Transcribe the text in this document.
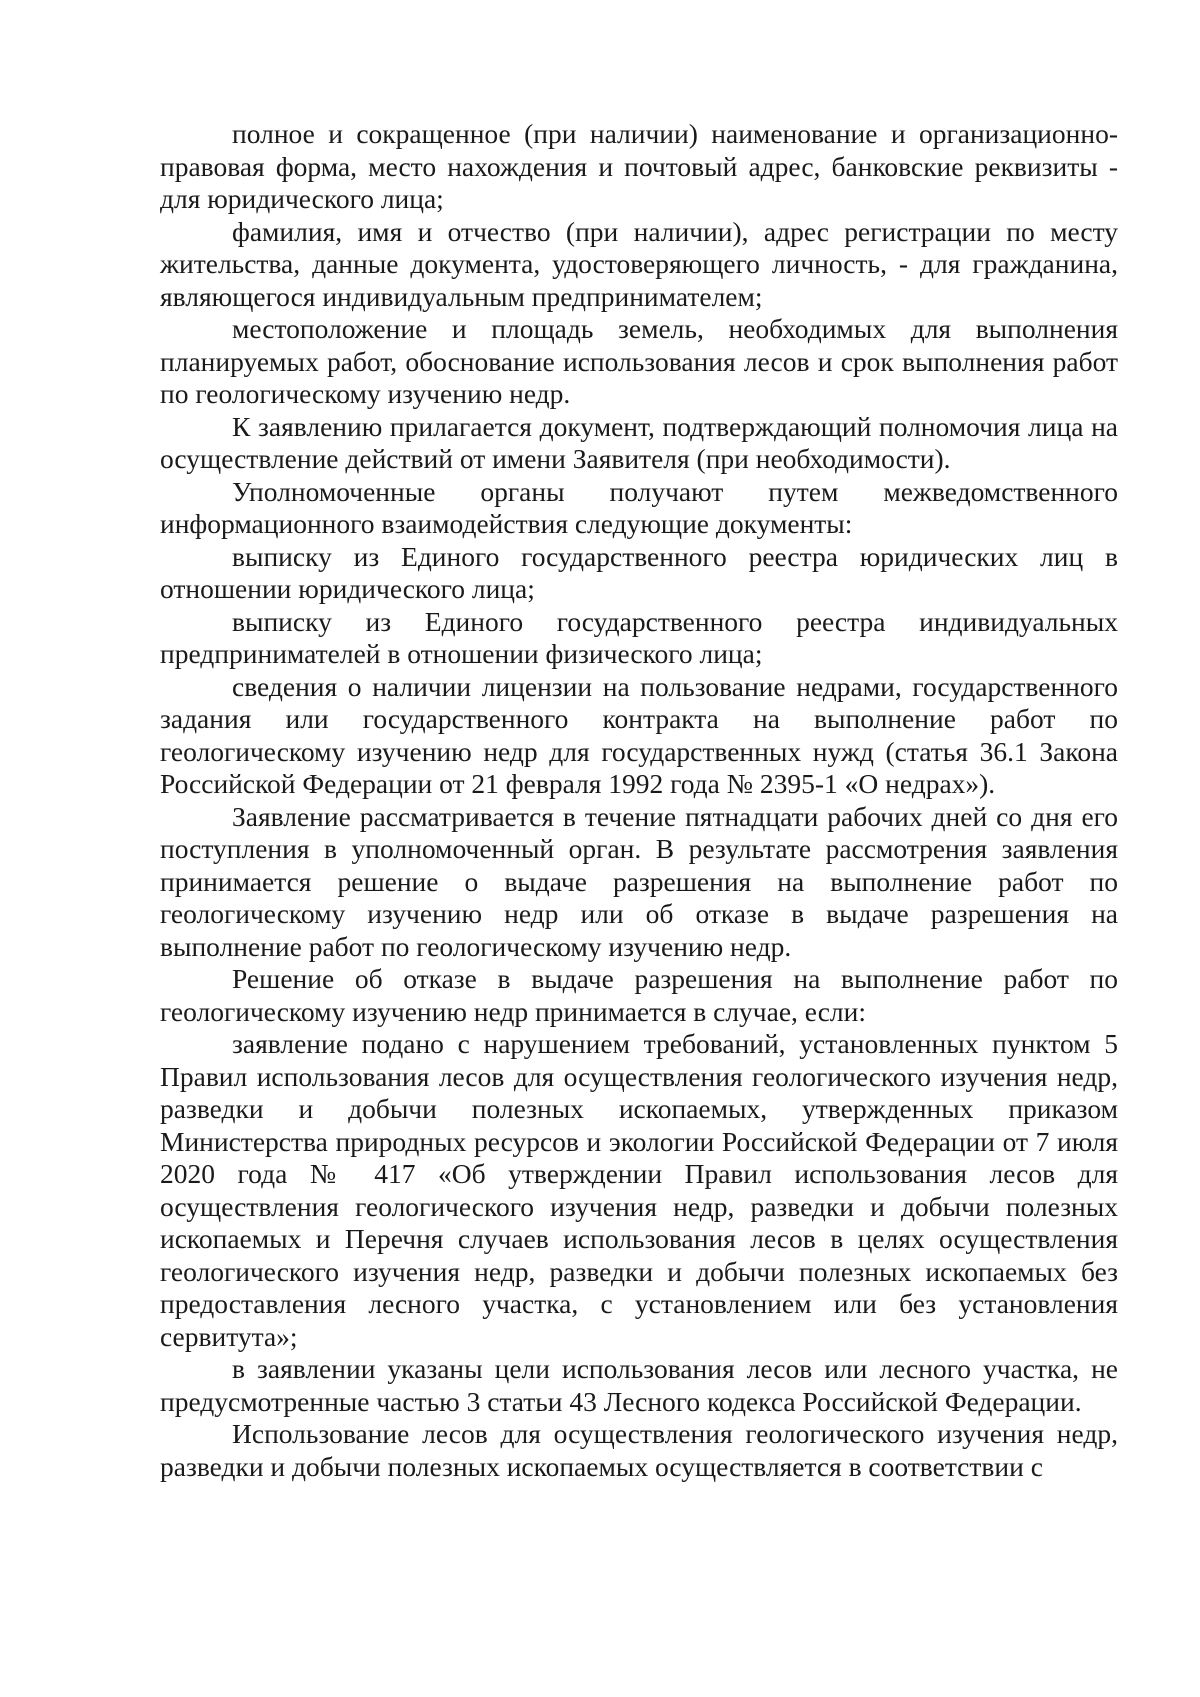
полное и сокращенное (при наличии) наименование и организационно-правовая форма, место нахождения и почтовый адрес, банковские реквизиты - для юридического лица;

фамилия, имя и отчество (при наличии), адрес регистрации по месту жительства, данные документа, удостоверяющего личность, - для гражданина, являющегося индивидуальным предпринимателем;

местоположение и площадь земель, необходимых для выполнения планируемых работ, обоснование использования лесов и срок выполнения работ по геологическому изучению недр.

К заявлению прилагается документ, подтверждающий полномочия лица на осуществление действий от имени Заявителя (при необходимости).

Уполномоченные органы получают путем межведомственного информационного взаимодействия следующие документы:

выписку из Единого государственного реестра юридических лиц в отношении юридического лица;

выписку из Единого государственного реестра индивидуальных предпринимателей в отношении физического лица;

сведения о наличии лицензии на пользование недрами, государственного задания или государственного контракта на выполнение работ по геологическому изучению недр для государственных нужд (статья 36.1 Закона Российской Федерации от 21 февраля 1992 года № 2395-1 «О недрах»).

Заявление рассматривается в течение пятнадцати рабочих дней со дня его поступления в уполномоченный орган. В результате рассмотрения заявления принимается решение о выдаче разрешения на выполнение работ по геологическому изучению недр или об отказе в выдаче разрешения на выполнение работ по геологическому изучению недр.

Решение об отказе в выдаче разрешения на выполнение работ по геологическому изучению недр принимается в случае, если:

заявление подано с нарушением требований, установленных пунктом 5 Правил использования лесов для осуществления геологического изучения недр, разведки и добычи полезных ископаемых, утвержденных приказом Министерства природных ресурсов и экологии Российской Федерации от 7 июля 2020 года № 417 «Об утверждении Правил использования лесов для осуществления геологического изучения недр, разведки и добычи полезных ископаемых и Перечня случаев использования лесов в целях осуществления геологического изучения недр, разведки и добычи полезных ископаемых без предоставления лесного участка, с установлением или без установления сервитута»;

в заявлении указаны цели использования лесов или лесного участка, не предусмотренные частью 3 статьи 43 Лесного кодекса Российской Федерации.

Использование лесов для осуществления геологического изучения недр, разведки и добычи полезных ископаемых осуществляется в соответствии с
